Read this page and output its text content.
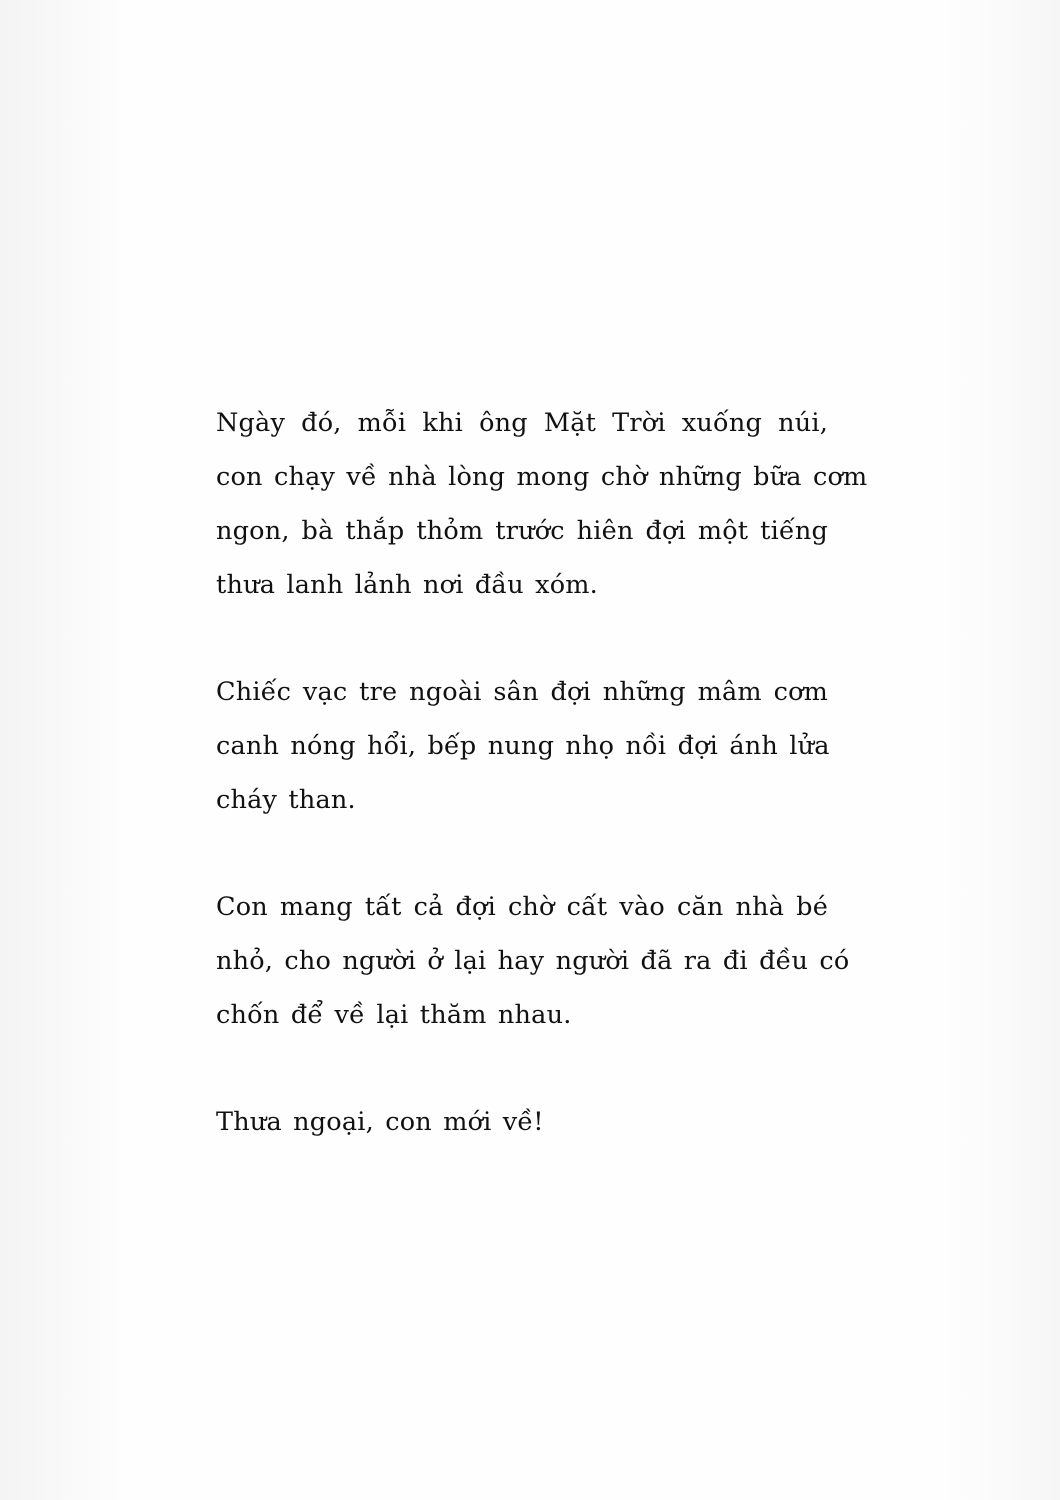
Ngày đó, mỗi khi ông Mặt Trời xuống núi,
con chạy về nhà lòng mong chờ những bữa cơm
ngon, bà thắp thỏm trước hiên đợi một tiếng
thưa lanh lảnh nơi đầu xóm.

Chiếc vạc tre ngoài sân đợi những mâm cơm
canh nóng hổi, bếp nung nhọ nồi đợi ánh lửa
cháy than.

Con mang tất cả đợi chờ cất vào căn nhà bé
nhỏ, cho người ở lại hay người đã ra đi đều có
chốn để về lại thăm nhau.

Thưa ngoại, con mới về!
